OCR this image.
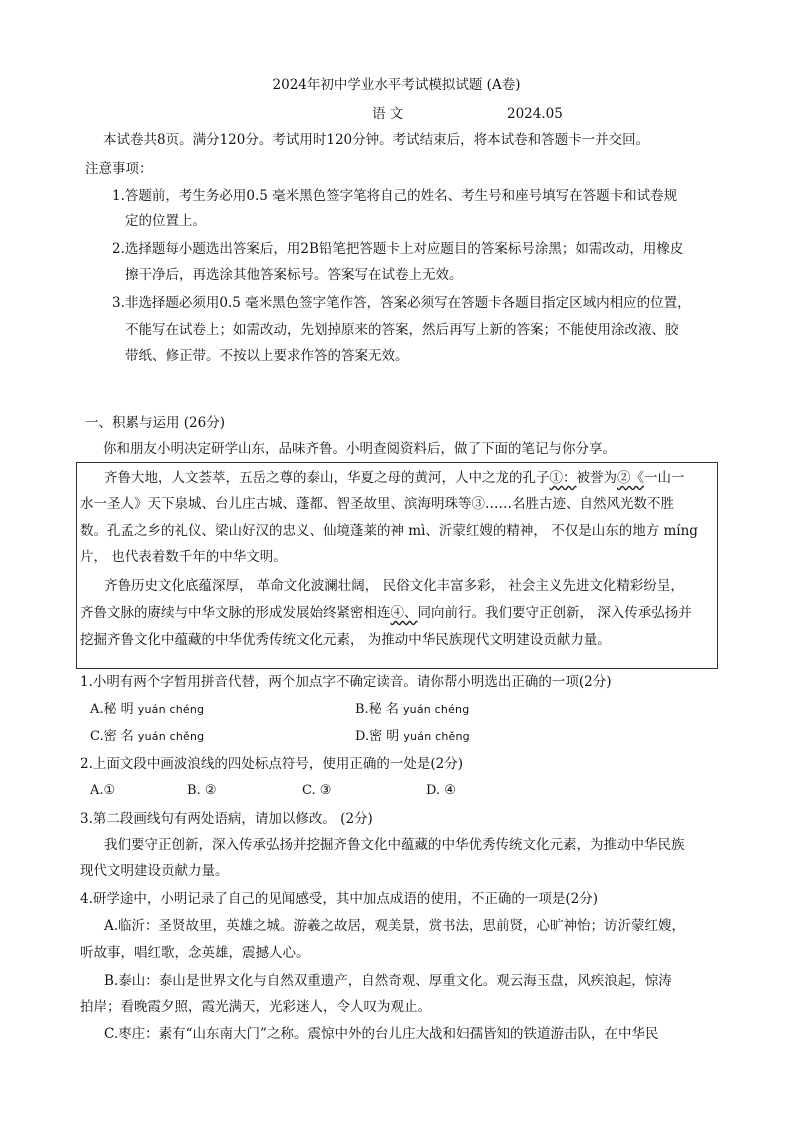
2024年初中学业水平考试模拟试题 (A卷)
语 文	2024.05
本试卷共8页。满分120分。考试用时120分钟。考试结束后，将本试卷和答题卡一并交回。
注意事项：
1.答题前，考生务必用0.5 毫米黑色签字笔将自己的姓名、考生号和座号填写在答题卡和试卷规
定的位置上。
2.选择题每小题选出答案后，用2B铅笔把答题卡上对应题目的答案标号涂黑；如需改动，用橡皮
擦干净后，再选涂其他答案标号。答案写在试卷上无效。
3.非选择题必须用0.5 毫米黑色签字笔作答，答案必须写在答题卡各题目指定区域内相应的位置，
不能写在试卷上；如需改动，先划掉原来的答案，然后再写上新的答案；不能使用涂改液、胶
带纸、修正带。不按以上要求作答的答案无效。
一、积累与运用 (26分)
你和朋友小明决定研学山东，品味齐鲁。小明查阅资料后，做了下面的笔记与你分享。
齐鲁大地，人文荟萃，五岳之尊的泰山，华夏之母的黄河，人中之龙的孔子①：被誉为②《一山一
水一圣人》天下泉城、台儿庄古城、蓬都、智圣故里、滨海明珠等③……名胜古迹、自然风光数不胜
数。孔孟之乡的礼仪、梁山好汉的忠义、仙境蓬莱的神 mì、沂蒙红嫂的精神， 不仅是山东的地方 míng
片， 也代表着数千年的中华文明。
齐鲁历史文化底蕴深厚， 革命文化波澜壮阔， 民俗文化丰富多彩， 社会主义先进文化精彩纷呈，
齐鲁文脉的赓续与中华文脉的形成发展始终紧密相连④、同向前行。我们要守正创新， 深入传承弘扬并
挖掘齐鲁文化中蕴藏的中华优秀传统文化元素， 为推动中华民族现代文明建设贡献力量。
1.小明有两个字暂用拼音代替，两个加点字不确定读音。请你帮小明选出正确的一项(2分)
A.秘 明 yuán chéng	B.秘 名 yuán chéng
C.密 名 yuán chěng	D.密 明 yuán chěng
2.上面文段中画波浪线的四处标点符号，使用正确的一处是(2分)
A.①	B. ②	C. ③	D. ④
3.第二段画线句有两处语病，请加以修改。 (2分)
我们要守正创新，深入传承弘扬并挖掘齐鲁文化中蕴藏的中华优秀传统文化元素，为推动中华民族
现代文明建设贡献力量。
4.研学途中，小明记录了自己的见闻感受，其中加点成语的使用，不正确的一项是(2分)
A.临沂：圣贤故里，英雄之城。游羲之故居，观美景，赏书法，思前贤，心旷神怡；访沂蒙红嫂，
听故事，唱红歌，念英雄，震撼人心。
B.泰山：泰山是世界文化与自然双重遗产，自然奇观、厚重文化。观云海玉盘，风疾浪起，惊涛
拍岸；看晚霞夕照，霞光满天，光彩迷人，令人叹为观止。
C.枣庄：素有“山东南大门”之称。震惊中外的台儿庄大战和妇孺皆知的铁道游击队，在中华民
